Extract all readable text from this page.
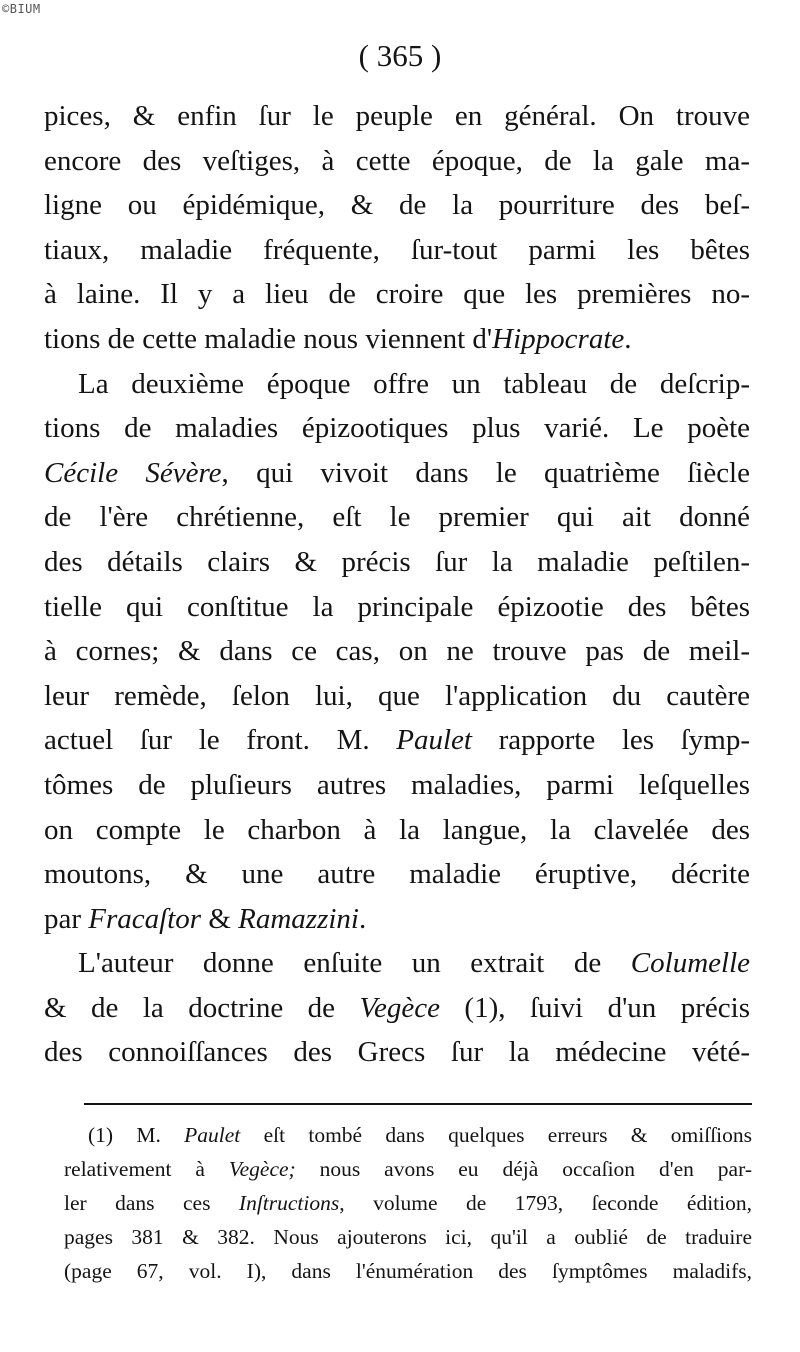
©BIUM
( 365 )
pices, & enfin ſur le peuple en général. On trouve
encore des veſtiges, à cette époque, de la gale ma-
ligne ou épidémique, & de la pourriture des beſ-
tiaux, maladie fréquente, ſur-tout parmi les bêtes
à laine. Il y a lieu de croire que les premières no-
tions de cette maladie nous viennent d'Hippocrate.
La deuxième époque offre un tableau de deſcrip-
tions de maladies épizootiques plus varié. Le poète
Cécile Sévère, qui vivoit dans le quatrième ſiècle
de l'ère chrétienne, eſt le premier qui ait donné
des détails clairs & précis ſur la maladie peſtilen-
tielle qui conſtitue la principale épizootie des bêtes
à cornes; & dans ce cas, on ne trouve pas de meil-
leur remède, ſelon lui, que l'application du cautère
actuel ſur le front. M. Paulet rapporte les ſymp-
tômes de pluſieurs autres maladies, parmi leſquelles
on compte le charbon à la langue, la clavelée des
moutons, & une autre maladie éruptive, décrite
par Fracaſtor & Ramazzini.
L'auteur donne enſuite un extrait de Columelle
& de la doctrine de Vegèce (1), ſuivi d'un précis
des connoiſſances des Grecs ſur la médecine vété-
(1) M. Paulet eſt tombé dans quelques erreurs & omiſſions
relativement à Vegèce; nous avons eu déjà occaſion d'en par-
ler dans ces Inſtructions, volume de 1793, ſeconde édition,
pages 381 & 382. Nous ajouterons ici, qu'il a oublié de traduire
(page 67, vol. I), dans l'énumération des ſymptômes maladifs,
